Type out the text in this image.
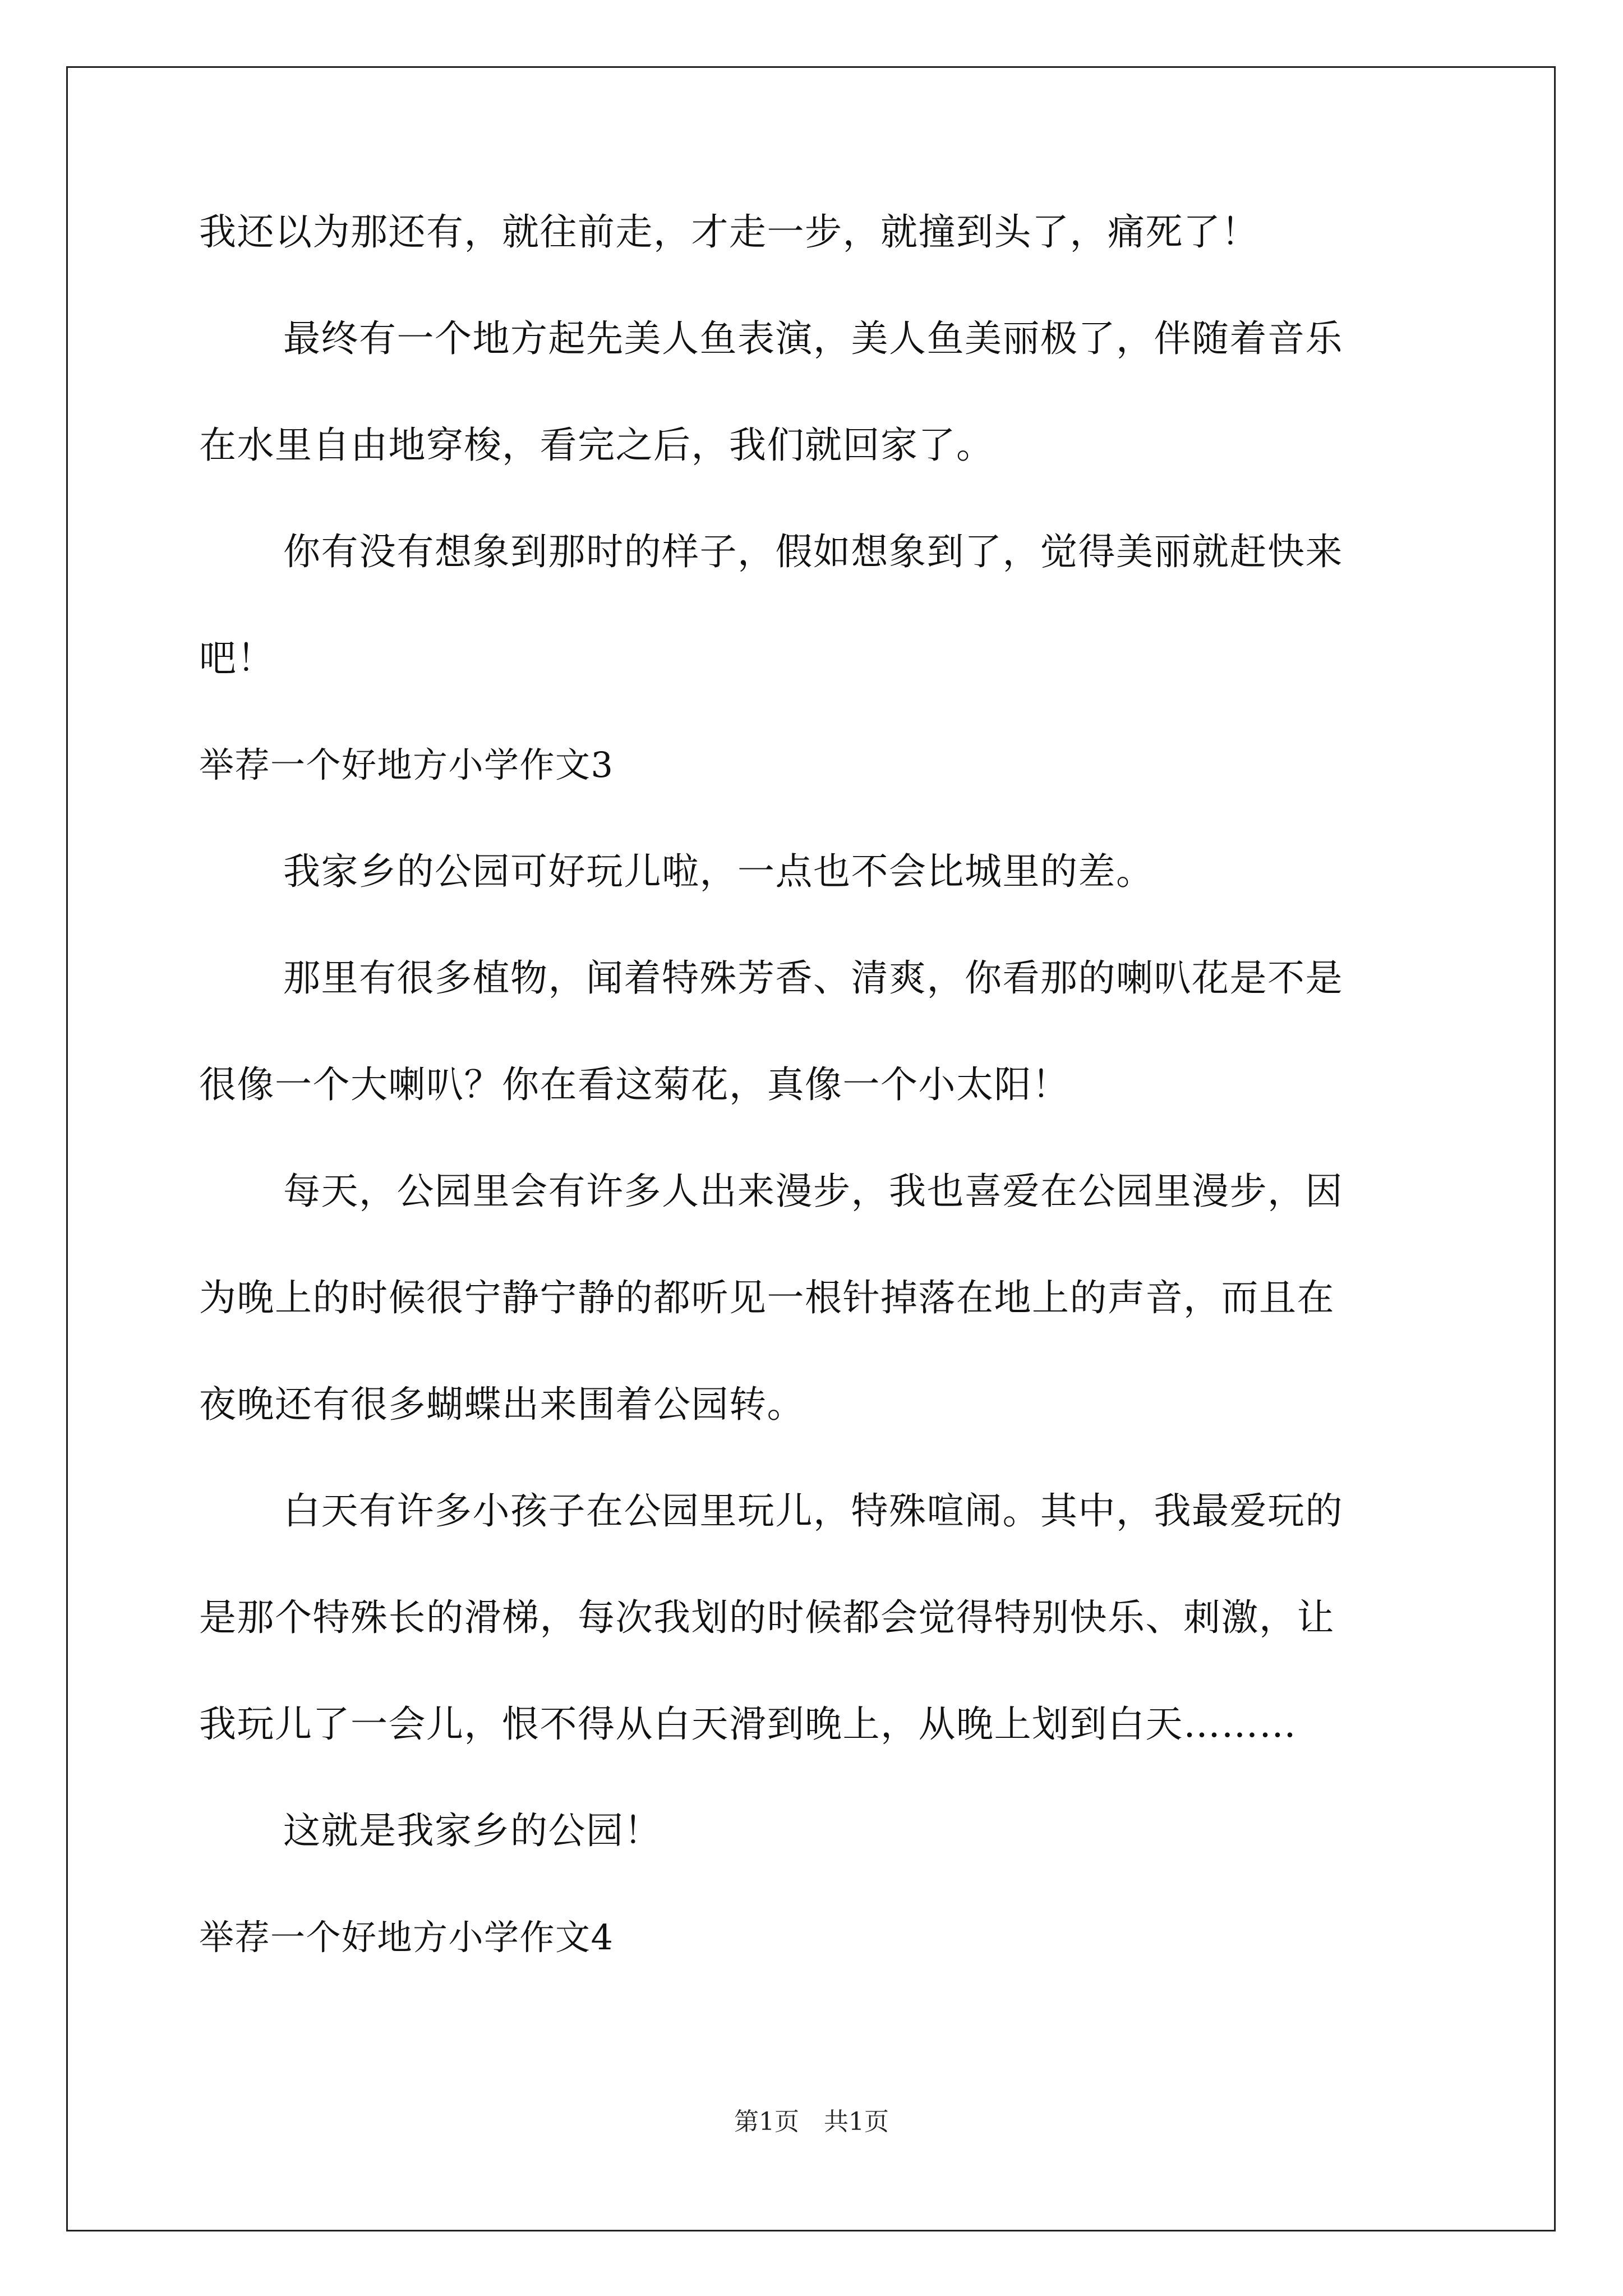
我还以为那还有，就往前走，才走一步，就撞到头了，痛死了！
最终有一个地方起先美人鱼表演，美人鱼美丽极了，伴随着音乐
在水里自由地穿梭，看完之后，我们就回家了。
你有没有想象到那时的样子，假如想象到了，觉得美丽就赶快来
吧！
举荐一个好地方小学作文3
我家乡的公园可好玩儿啦，一点也不会比城里的差。
那里有很多植物，闻着特殊芳香、清爽，你看那的喇叭花是不是
很像一个大喇叭？你在看这菊花，真像一个小太阳！
每天，公园里会有许多人出来漫步，我也喜爱在公园里漫步，因
为晚上的时候很宁静宁静的都听见一根针掉落在地上的声音，而且在
夜晚还有很多蝴蝶出来围着公园转。
白天有许多小孩子在公园里玩儿，特殊喧闹。其中，我最爱玩的
是那个特殊长的滑梯，每次我划的时候都会觉得特别快乐、刺激，让
我玩儿了一会儿，恨不得从白天滑到晚上，从晚上划到白天………
这就是我家乡的公园！
举荐一个好地方小学作文4
第1页　共1页
